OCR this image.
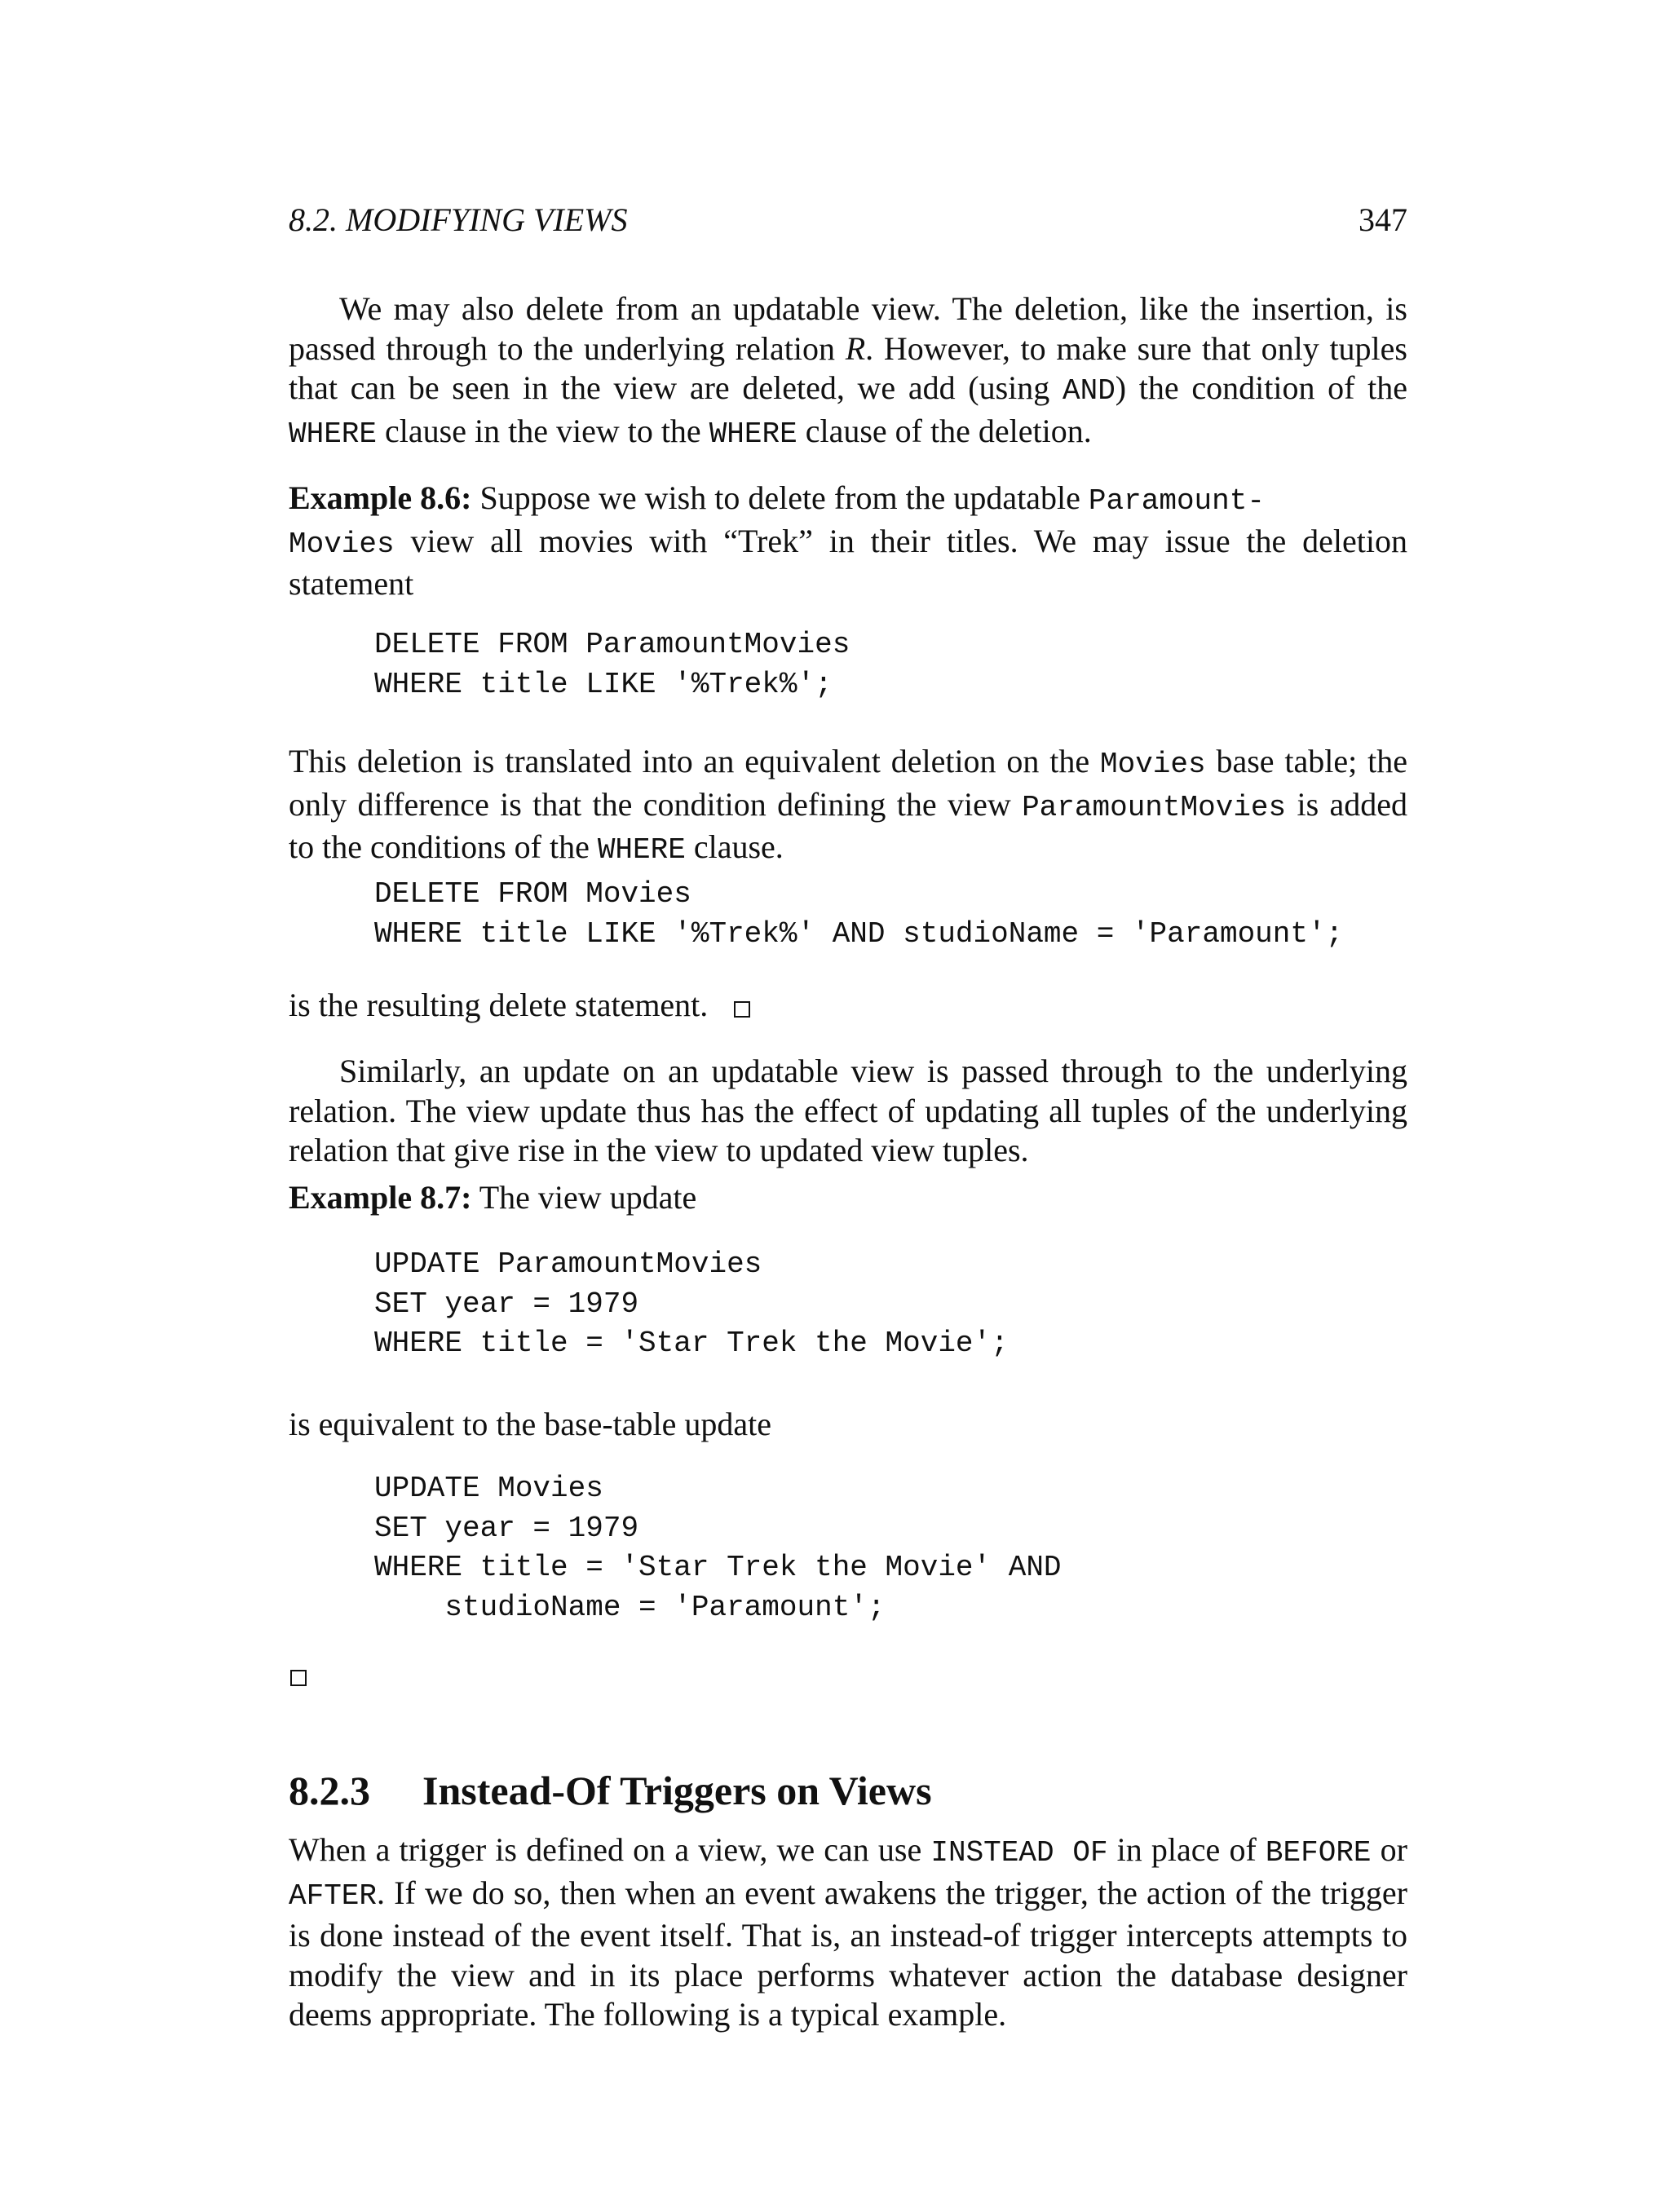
8.2. MODIFYING VIEWS	347
We may also delete from an updatable view. The deletion, like the insertion, is passed through to the underlying relation R. However, to make sure that only tuples that can be seen in the view are deleted, we add (using AND) the condition of the WHERE clause in the view to the WHERE clause of the deletion.
Example 8.6: Suppose we wish to delete from the updatable Paramount-
Movies view all movies with “Trek” in their titles. We may issue the deletion statement
DELETE FROM ParamountMovies
WHERE title LIKE '%Trek%';
This deletion is translated into an equivalent deletion on the Movies base table; the only difference is that the condition defining the view ParamountMovies is added to the conditions of the WHERE clause.
DELETE FROM Movies
WHERE title LIKE '%Trek%' AND studioName = 'Paramount';
is the resulting delete statement.
Similarly, an update on an updatable view is passed through to the underlying relation. The view update thus has the effect of updating all tuples of the underlying relation that give rise in the view to updated view tuples.
Example 8.7: The view update
UPDATE ParamountMovies
SET year = 1979
WHERE title = 'Star Trek the Movie';
is equivalent to the base-table update
UPDATE Movies
SET year = 1979
WHERE title = 'Star Trek the Movie' AND
studioName = 'Paramount';
8.2.3 Instead-Of Triggers on Views
When a trigger is defined on a view, we can use INSTEAD OF in place of BEFORE or AFTER. If we do so, then when an event awakens the trigger, the action of the trigger is done instead of the event itself. That is, an instead-of trigger intercepts attempts to modify the view and in its place performs whatever action the database designer deems appropriate. The following is a typical example.
